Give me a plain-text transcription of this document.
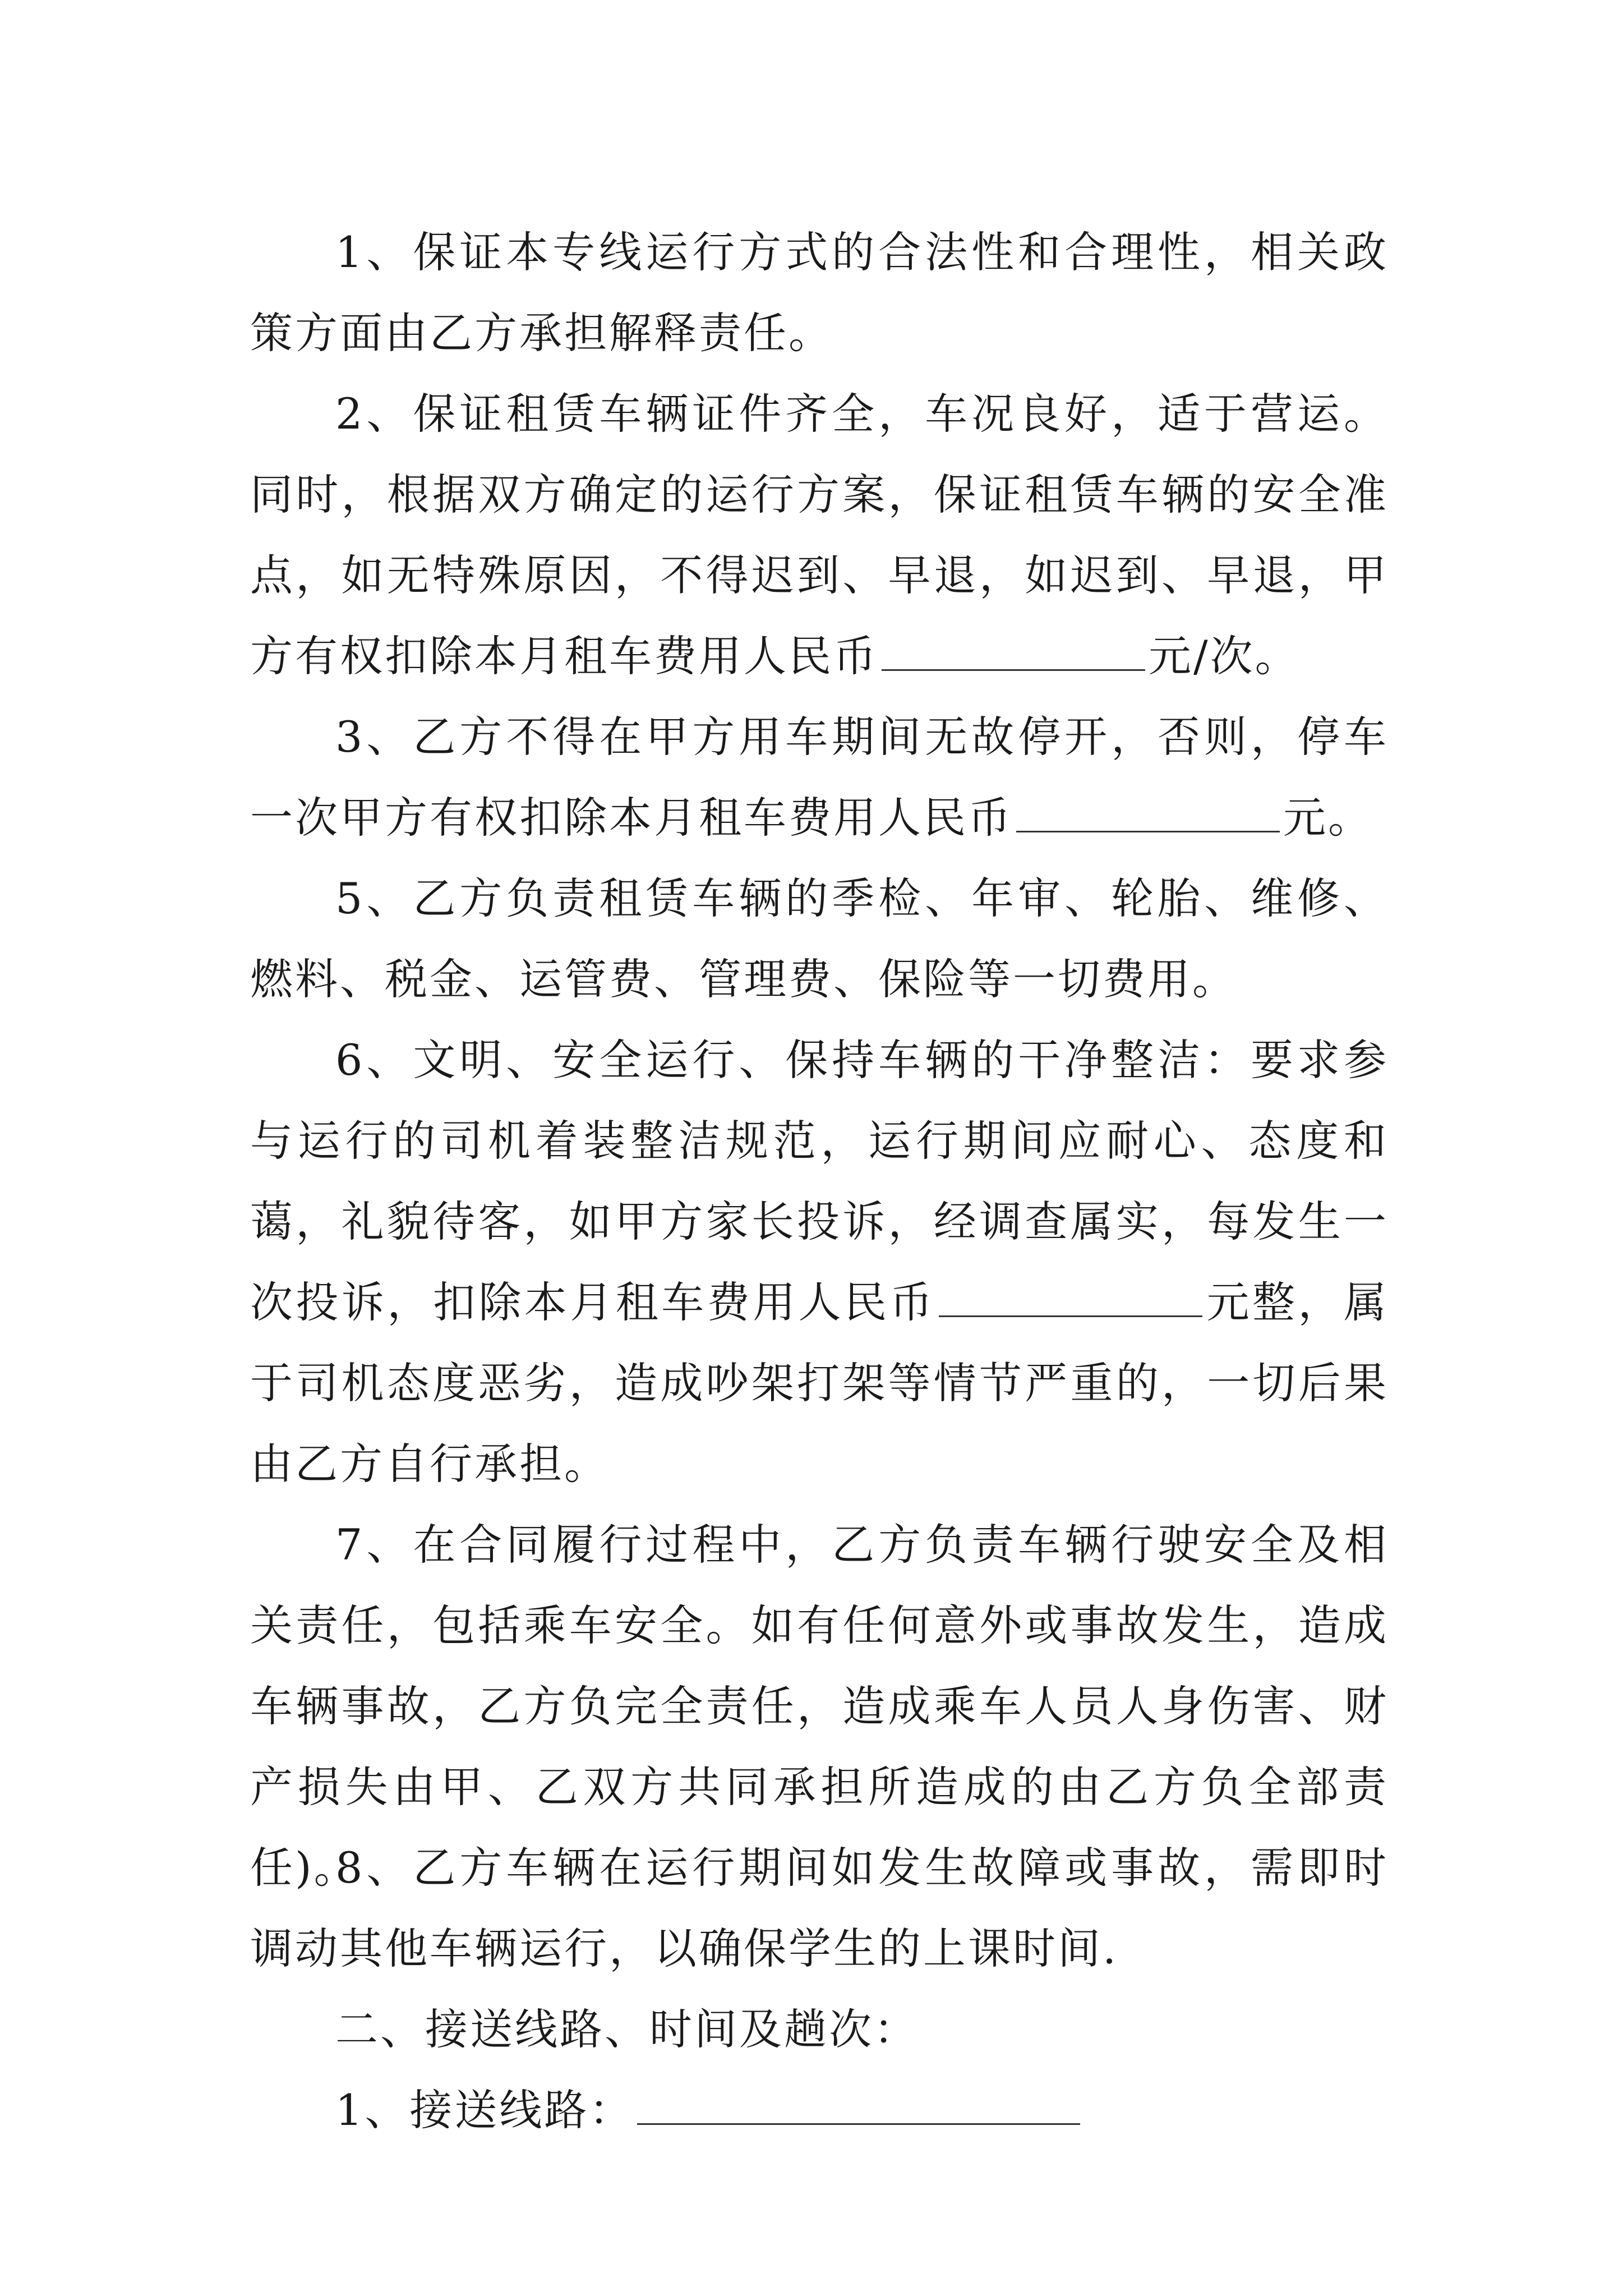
1、保证本专线运行方式的合法性和合理性，相关政策方面由乙方承担解释责任。

2、保证租赁车辆证件齐全，车况良好，适于营运。同时，根据双方确定的运行方案，保证租赁车辆的安全准点，如无特殊原因，不得迟到、早退，如迟到、早退，甲方有权扣除本月租车费用人民币	元/次。

3、乙方不得在甲方用车期间无故停开，否则，停车一次甲方有权扣除本月租车费用人民币	元。

5、乙方负责租赁车辆的季检、年审、轮胎、维修、燃料、税金、运管费、管理费、保险等一切费用。

6、文明、安全运行、保持车辆的干净整洁：要求参与运行的司机着装整洁规范，运行期间应耐心、态度和蔼，礼貌待客，如甲方家长投诉，经调查属实，每发生一次投诉，扣除本月租车费用人民币	元整，属于司机态度恶劣，造成吵架打架等情节严重的，一切后果由乙方自行承担。

7、在合同履行过程中，乙方负责车辆行驶安全及相关责任，包括乘车安全。如有任何意外或事故发生，造成车辆事故，乙方负完全责任，造成乘车人员人身伤害、财产损失由甲、乙双方共同承担所造成的由乙方负全部责任)。

8、乙方车辆在运行期间如发生故障或事故，需即时调动其他车辆运行，以确保学生的上课时间.

二、接送线路、时间及趟次：

1、接送线路：
